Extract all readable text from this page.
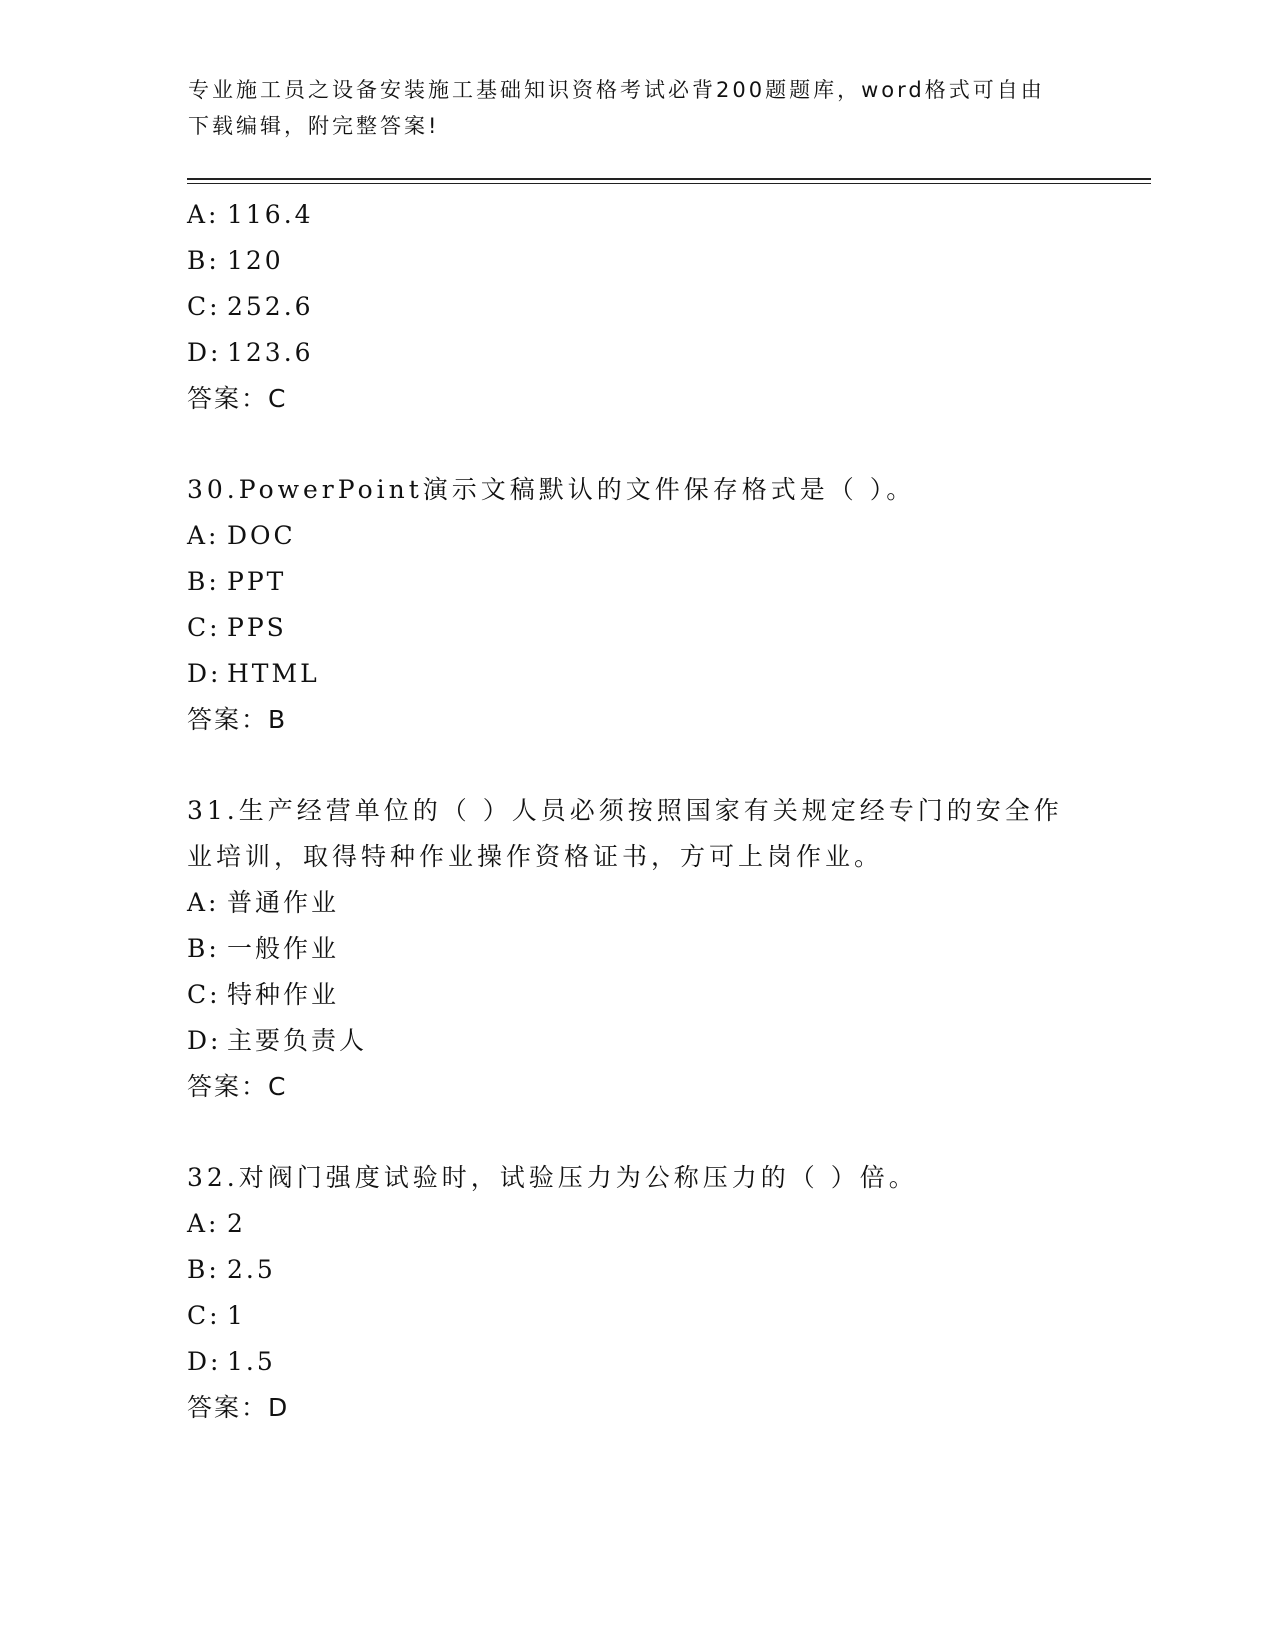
专业施工员之设备安装施工基础知识资格考试必背200题题库，word格式可自由
下载编辑，附完整答案!
A: 116.4
B: 120
C: 252.6
D: 123.6
答案：C
30.PowerPoint演示文稿默认的文件保存格式是（ ）。
A: DOC
B: PPT
C: PPS
D: HTML
答案：B
31.生产经营单位的（ ）人员必须按照国家有关规定经专门的安全作
业培训，取得特种作业操作资格证书，方可上岗作业。
A: 普通作业
B: 一般作业
C: 特种作业
D: 主要负责人
答案：C
32.对阀门强度试验时，试验压力为公称压力的（ ）倍。
A: 2
B: 2.5
C: 1
D: 1.5
答案：D
